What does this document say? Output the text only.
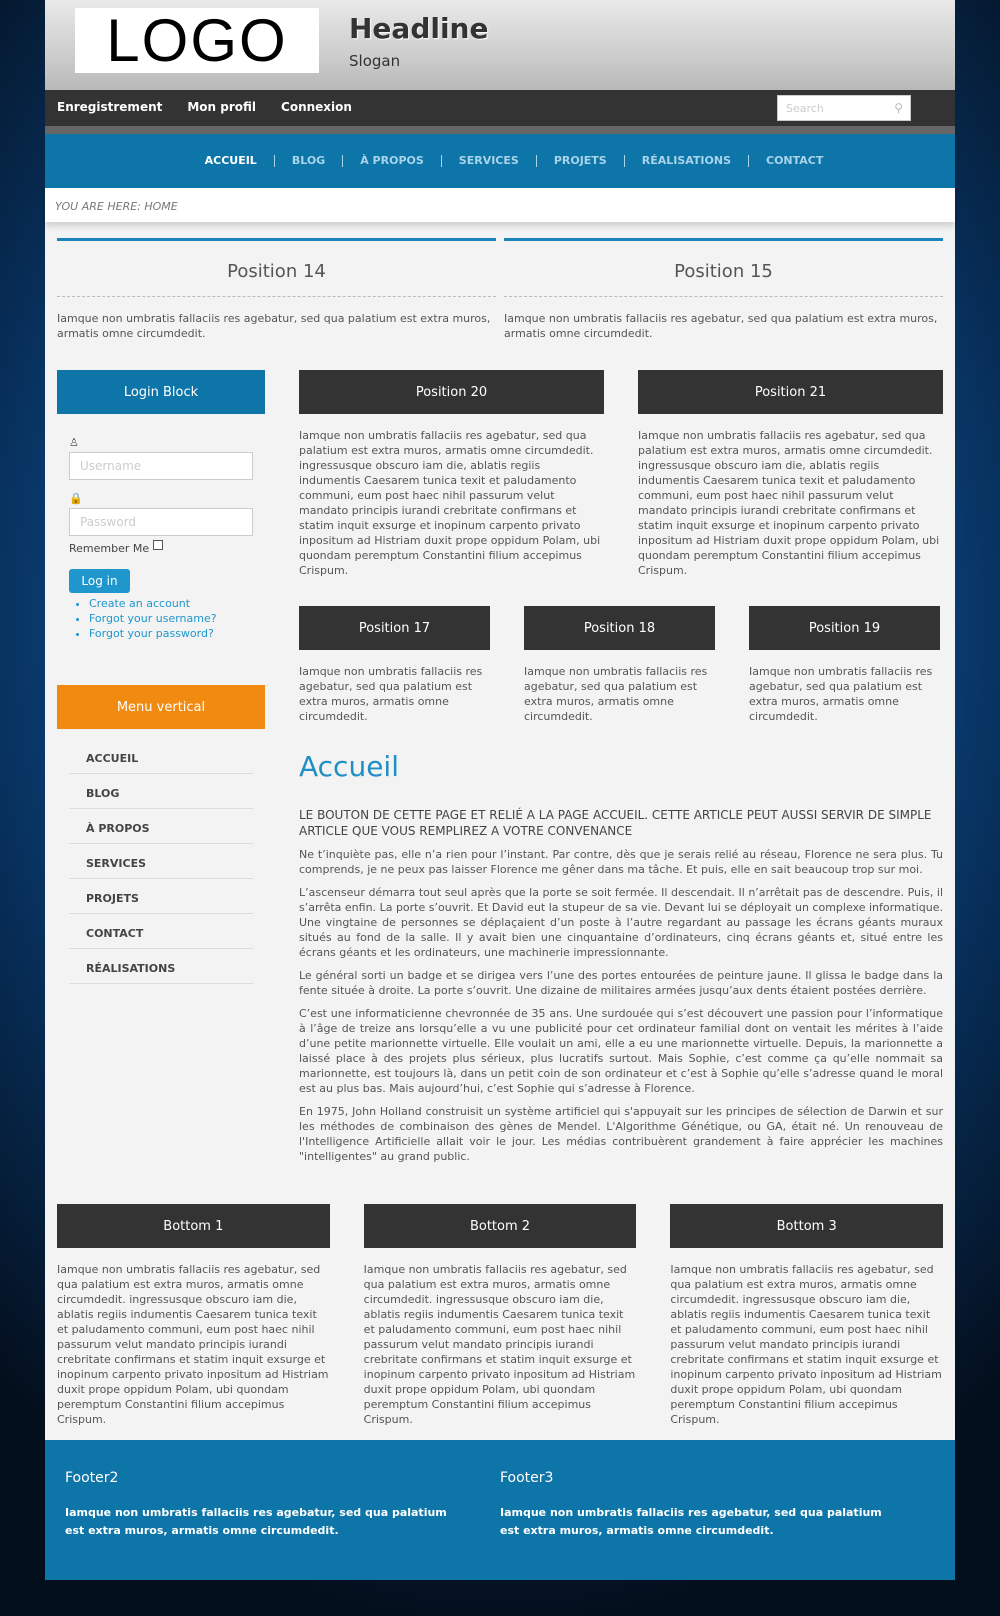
LOGO	Headline
Slogan
Enregistrement Mon profil Connexion	Search	⚲
ACCUEIL	BLOG	À PROPOS	SERVICES	PROJETS	RÉALISATIONS	CONTACT
YOU ARE HERE: HOME
Position 14
Iamque non umbratis fallaciis res agebatur, sed qua palatium est extra muros, armatis omne circumdedit.
Position 15
Iamque non umbratis fallaciis res agebatur, sed qua palatium est extra muros, armatis omne circumdedit.
Login Block
♙
Username
🔒
Password
Remember Me
Log in
• Create an account
• Forgot your username?
• Forgot your password?
Menu vertical
ACCUEIL
BLOG
À PROPOS
SERVICES
PROJETS
CONTACT
RÉALISATIONS
Position 20
Iamque non umbratis fallaciis res agebatur, sed qua palatium est extra muros, armatis omne circumdedit. ingressusque obscuro iam die, ablatis regiis indumentis Caesarem tunica texit et paludamento communi, eum post haec nihil passurum velut mandato principis iurandi crebritate confirmans et statim inquit exsurge et inopinum carpento privato inpositum ad Histriam duxit prope oppidum Polam, ubi quondam peremptum Constantini filium accepimus Crispum.
Position 21
Iamque non umbratis fallaciis res agebatur, sed qua palatium est extra muros, armatis omne circumdedit. ingressusque obscuro iam die, ablatis regiis indumentis Caesarem tunica texit et paludamento communi, eum post haec nihil passurum velut mandato principis iurandi crebritate confirmans et statim inquit exsurge et inopinum carpento privato inpositum ad Histriam duxit prope oppidum Polam, ubi quondam peremptum Constantini filium accepimus Crispum.
Position 17
Iamque non umbratis fallaciis res agebatur, sed qua palatium est extra muros, armatis omne circumdedit.
Position 18
Iamque non umbratis fallaciis res agebatur, sed qua palatium est extra muros, armatis omne circumdedit.
Position 19
Iamque non umbratis fallaciis res agebatur, sed qua palatium est extra muros, armatis omne circumdedit.
Accueil
LE BOUTON DE CETTE PAGE ET RELIÉ A LA PAGE ACCUEIL. CETTE ARTICLE PEUT AUSSI SERVIR DE SIMPLE ARTICLE QUE VOUS REMPLIREZ A VOTRE CONVENANCE

Ne t’inquiète pas, elle n’a rien pour l’instant. Par contre, dès que je serais relié au réseau, Florence ne sera plus. Tu comprends, je ne peux pas laisser Florence me gêner dans ma tâche. Et puis, elle en sait beaucoup trop sur moi.

L’ascenseur démarra tout seul après que la porte se soit fermée. Il descendait. Il n’arrêtait pas de descendre. Puis, il s’arrêta enfin. La porte s’ouvrit. Et David eut la stupeur de sa vie. Devant lui se déployait un complexe informatique. Une vingtaine de personnes se déplaçaient d’un poste à l’autre regardant au passage les écrans géants muraux situés au fond de la salle. Il y avait bien une cinquantaine d’ordinateurs, cinq écrans géants et, situé entre les écrans géants et les ordinateurs, une machinerie impressionnante.

Le général sorti un badge et se dirigea vers l’une des portes entourées de peinture jaune. Il glissa le badge dans la fente située à droite. La porte s’ouvrit. Une dizaine de militaires armées jusqu’aux dents étaient postées derrière.

C’est une informaticienne chevronnée de 35 ans. Une surdouée qui s’est découvert une passion pour l’informatique à l’âge de treize ans lorsqu’elle a vu une publicité pour cet ordinateur familial dont on ventait les mérites à l’aide d’une petite marionnette virtuelle. Elle voulait un ami, elle a eu une marionnette virtuelle. Depuis, la marionnette a laissé place à des projets plus sérieux, plus lucratifs surtout. Mais Sophie, c’est comme ça qu’elle nommait sa marionnette, est toujours là, dans un petit coin de son ordinateur et c’est à Sophie qu’elle s’adresse quand le moral est au plus bas. Mais aujourd’hui, c’est Sophie qui s’adresse à Florence.

En 1975, John Holland construisit un système artificiel qui s'appuyait sur les principes de sélection de Darwin et sur les méthodes de combinaison des gènes de Mendel. L'Algorithme Génétique, ou GA, était né. Un renouveau de l'Intelligence Artificielle allait voir le jour. Les médias contribuèrent grandement à faire apprécier les machines "intelligentes" au grand public.

Bottom 1
Iamque non umbratis fallaciis res agebatur, sed qua palatium est extra muros, armatis omne circumdedit. ingressusque obscuro iam die, ablatis regiis indumentis Caesarem tunica texit et paludamento communi, eum post haec nihil passurum velut mandato principis iurandi crebritate confirmans et statim inquit exsurge et inopinum carpento privato inpositum ad Histriam duxit prope oppidum Polam, ubi quondam peremptum Constantini filium accepimus Crispum.
Bottom 2
Iamque non umbratis fallaciis res agebatur, sed qua palatium est extra muros, armatis omne circumdedit. ingressusque obscuro iam die, ablatis regiis indumentis Caesarem tunica texit et paludamento communi, eum post haec nihil passurum velut mandato principis iurandi crebritate confirmans et statim inquit exsurge et inopinum carpento privato inpositum ad Histriam duxit prope oppidum Polam, ubi quondam peremptum Constantini filium accepimus Crispum.
Bottom 3
Iamque non umbratis fallaciis res agebatur, sed qua palatium est extra muros, armatis omne circumdedit. ingressusque obscuro iam die, ablatis regiis indumentis Caesarem tunica texit et paludamento communi, eum post haec nihil passurum velut mandato principis iurandi crebritate confirmans et statim inquit exsurge et inopinum carpento privato inpositum ad Histriam duxit prope oppidum Polam, ubi quondam peremptum Constantini filium accepimus Crispum.
Footer2
Iamque non umbratis fallaciis res agebatur, sed qua palatium est extra muros, armatis omne circumdedit.
Footer3
Iamque non umbratis fallaciis res agebatur, sed qua palatium est extra muros, armatis omne circumdedit.
